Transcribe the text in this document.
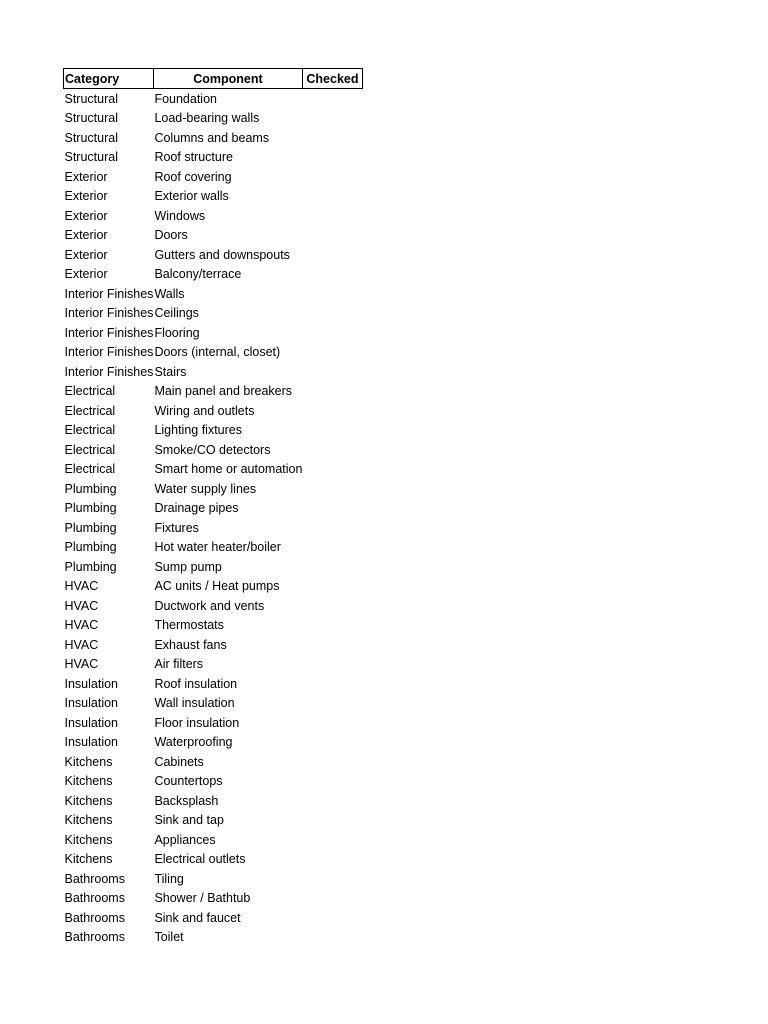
Category	Component	Checked
Structural	Foundation	
Structural	Load-bearing walls	
Structural	Columns and beams	
Structural	Roof structure	
Exterior	Roof covering	
Exterior	Exterior walls	
Exterior	Windows	
Exterior	Doors	
Exterior	Gutters and downspouts	
Exterior	Balcony/terrace	
Interior Finishes	Walls	
Interior Finishes	Ceilings	
Interior Finishes	Flooring	
Interior Finishes	Doors (internal, closet)	
Interior Finishes	Stairs	
Electrical	Main panel and breakers	
Electrical	Wiring and outlets	
Electrical	Lighting fixtures	
Electrical	Smoke/CO detectors	
Electrical	Smart home or automation	
Plumbing	Water supply lines	
Plumbing	Drainage pipes	
Plumbing	Fixtures	
Plumbing	Hot water heater/boiler	
Plumbing	Sump pump	
HVAC	AC units / Heat pumps	
HVAC	Ductwork and vents	
HVAC	Thermostats	
HVAC	Exhaust fans	
HVAC	Air filters	
Insulation	Roof insulation	
Insulation	Wall insulation	
Insulation	Floor insulation	
Insulation	Waterproofing	
Kitchens	Cabinets	
Kitchens	Countertops	
Kitchens	Backsplash	
Kitchens	Sink and tap	
Kitchens	Appliances	
Kitchens	Electrical outlets	
Bathrooms	Tiling	
Bathrooms	Shower / Bathtub	
Bathrooms	Sink and faucet	
Bathrooms	Toilet	
